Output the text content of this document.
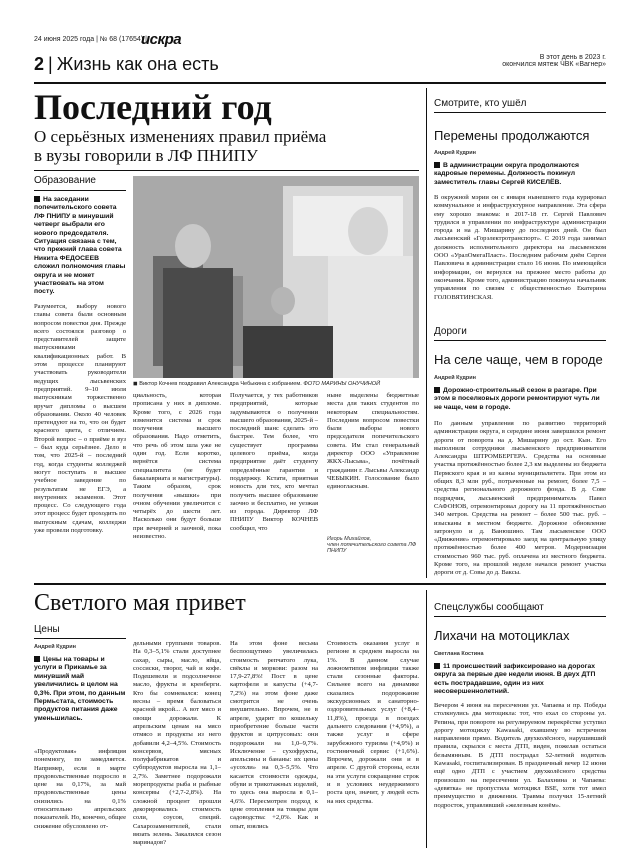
24 июня 2025 года | № 68 (17654) |
искра
В этот день в 2023 г.
окончился мятеж ЧВК «Вагнер»
2 | Жизнь как она есть
Последний год
О серьёзных изменениях правил приёма
в вузы говорили в ЛФ ПНИПУ
Образование
На заседании попечительского совета ЛФ ПНИПУ в минувший четверг выбрали его нового председателя. Ситуация связана с тем, что прежний глава совета Никита ФЕДОСЕЕВ сложил полномочия главы округа и не может участвовать на этом посту.
Разумеется, выбору нового главы совета были основным вопросом повестки дня. Прежде всего состоялся разговор о представителей защите выпускниками квалификационных работ. В этом процессе планируют участвовать руководители ведущих лысьвенских предприятий. 9–10 июля выпускникам торжественно вручат дипломы о высшем образовании. Около 40 человек претендуют на то, что он будет красного цвета, с отличием. Второй вопрос – о приёме в вуз – был куда серьёзнее. Дело в том, что 2025-й – последний год, когда студенты колледжей могут поступать в высшее учебное заведение по результатам не ЕГЭ, а внутренних экзаменов. Этот процесс. Со следующего года этот процесс будет проходить по выпускным сдачам, колледжи уже провели подготовку.
◼ Виктор Кочнев поздравил Александра Чебыкина с избранием. ФОТО МАРИНЫ ОНУЧИНОЙ
циальность, которая прописана у них в дипломе. Кроме того, с 2026 года изменится система и срок получения высшего образования. Надо отметить, что речь об этом шла уже не один год. Если коротко, вернётся система специалитета (не будет бакалавриата и магистратуры). Таким образом, срок получения «вышки» при очном обучении увеличится с четырёх до шести лет. Насколько они будут больше при вечерней и заочной, пока неизвестно.
Получается, у тех работников предприятий, которые задумываются о получении высшего образования, 2025-й – последний шанс сделать это быстрее. Тем более, что существует программа целевого приёма, когда предприятие даёт студенту определённые гарантии и поддержку. Кстати, приятная новость для тех, кто мечтал получить высшее образование заочно и бесплатно, не уезжая из города. Директор ЛФ ПНИПУ Виктор КОЧНЕВ сообщил, что
ныне выделены бюджетные места для таких студентов по некоторым специальностям. Последним вопросом повестки были выборы нового председателя попечительского совета. Им стал генеральный директор ООО «Управление ЖКХ-Лысьва», почётный гражданин г. Лысьвы Александр ЧЕБЫКИН. Голосование было единогласным.
Игорь Михайлов,
член попечительского совета ЛФ ПНИПУ
Смотрите, кто ушёл
Перемены продолжаются
Андрей Кудрин
В администрации округа продолжаются кадровые перемены. Должность покинул заместитель главы Сергей КИСЕЛЁВ.
В окружной мэрии он с января нынешнего года курировал коммунальное и инфраструктурное направление. Эта сфера ему хорошо знакома: в 2017-18 гг. Сергей Павлович трудился в управлении по инфраструктуре администрации города и на д. Мишарину до последних дней. Он был лысьвенский «Горэлектротранспорт». С 2019 года занимал должность исполнительного директора на лысьвенском ООО «УралОмегаПласт». Последним рабочим днём Сергея Павловича в администрации стало 16 июня. По имеющейся информации, он вернулся на прежнее место работы до окончания. Кроме того, администрацию покинула начальник управления по связям с общественностью Екатерина ГОЛОВЯТИНСКАЯ.
Дороги
На селе чаще, чем в городе
Андрей Кудрин
Дорожно-строительный сезон в разгаре. При этом в поселковых дороги ремонтируют чуть ли не чаще, чем в городе.
По данным управления по развитию территорий администрации округа, в середине июня завершился ремонт дороги от поворота на д. Мишарину до ост. Кын. Его выполнили сотрудники лысьвенского предпринимателя Александра ШТРОМБЕРГЕРА. Средства на основные участка протяжённостью более 2,3 км выделены из бюджета Пермского края и из казны муниципалитета. При этом из общих 8,3 млн руб., потраченные на ремонт, более 7,5 – средства регионального дорожного фонда. В д. Сове подрядчик, лысьвенский предприниматель Павел САФОНОВ, отремонтировал дорогу на 11 протяжённостью 340 метров. Средства на ремонт – более 500 тыс. руб. – изысканы в местном бюджете. Дорожное обновление затронуло и д. Ванюшино. Там лысьвенское ООО «Движение» отремонтировало заезд на центральную улицу протяжённостью более 400 метров. Модернизация стоимостью 960 тыс. руб. оплачена из местного бюджета. Кроме того, на прошлой неделе начался ремонт участка дороги от д. Совы до д. Ваксы.
Светлого мая привет
Цены
Андрей Кудрин
Цены на товары и услуги в Прикамье за минувший май увеличились в целом на 0,3%. При этом, по данным Пермьстата, стоимость продуктов питания даже уменьшилась.
«Продуктовая» инфляция понемногу, по замедляется. Например, если в марте продовольственные подросло в цене на 0,17%, за май продовольственные цены снизились на 0,1% относительно апрельских показателей. Но, конечно, общее снижение обусловлено от-
дельными группами товаров. На 0,3–5,1% стали доступнее сахар, сыры, масло, яйца, соссиски, творог, чай и кофе. Подешевели и подсолнечное масло, фрукты и кренберги. Кто бы сомневался: конец весны – время баловаться красной икрой... А вот мясо и овощи дорожали. К апрельским ценам на мясо отмясо и продукты из него добавили 4,2–4,5%. Стоимость консервов, мясных полуфабрикатов и субпродуктов выросла на 1,1–2,7%. Заметнее подорожали морепродукты рыба и рыбные консервы (+2,7-2,8%). На сложной процент прошли декорировались стоимость соли, соусов, специй. Сахарозаменителей, стали вязать зелень. Закалился сезон маринадов?
На этом фоне весьма беспоощутимо увеличилась стоимость репчатого лука, свёклы и моркови: разом на 17,9-27,8%! Пост в цене картофеля и капусты (+4,7-7,2%) на этом фоне даже смотрится не очень внушительно. Впрочем, не в апреле, ударит по кошельку приобретение больше части фруктов и цитрусовых: они подорожали на 1,0–9,7%. Исключение – сухофрукты, апельсины и бананы: их цены «усохли» на 0,3–5,5%. Что касается стоимости одежды, обуви и трикотажных изделий, то здесь она выросла в 0,1–4,6%. Пересмотрен подход к цене отопления на товары для садоводства: +2,0%. Как и опыт, взялись
Стоимость оказания услуг в регионе в среднем выросла на 1%. В данном случае ложномтипом инфляции также стали сезонные факторы. Сильнее всего на динамике сказались подорожание экскурсионных и санаторно-оздоровительных услуг (+8,4–11,8%), проезда в поездах дальнего следования (+4,9%), а также услуг в сфере зарубежного туризма (+4,9%) и гостиничный сервис (+1,6%). Впрочем, дорожали они и в апреле. С другой стороны, если на эти услуги сокращение строк и в условиях неудержимого роста цен, значит, у людей есть на них средства.
Спецслужбы сообщают
Лихачи на мотоциклах
Светлана Костина
11 происшествий зафиксировано на дорогах округа за первые две недели июня. В двух ДТП есть пострадавшие, один из них несовершеннолетний.
Вечером 4 июня на пересечении ул. Чапаева и пр. Победы столкнулись два мотоцикла: тот, что ехал со стороны ул. Репина, при повороте на регулируемом перекрёстке уступил дорогу мотоциклу Kawasaki, ехавшему во встречном направлении прямо. Водитель двухколёсного, нарушивший правила, скрылся с места ДТП, виден, пожелав остаться безымянным. В ДТП пострадал 52-летний водитель Kawasaki, госпитализирован. В праздничный вечер 12 июня ещё одно ДТП с участием двухколёсного средства произошло на пересечении ул. Балахнина и Чапаева: «девятка» не пропустила мотоцикл BSE, хотя тот имел преимущество в движении. Травмы получил 15-летний подросток, управлявший «железным конём».
